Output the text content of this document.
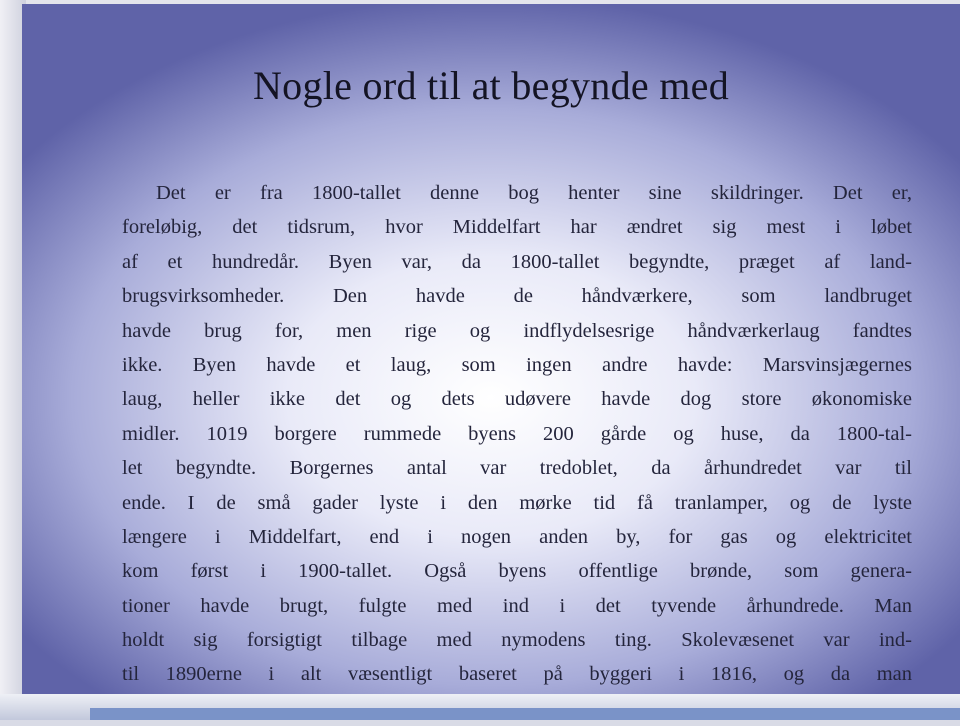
Nogle ord til at begynde med
Det er fra 1800-tallet denne bog henter sine skildringer. Det er,
foreløbig, det tidsrum, hvor Middelfart har ændret sig mest i løbet
af et hundredår. Byen var, da 1800-tallet begyndte, præget af land-
brugsvirksomheder. Den havde de håndværkere, som landbruget
havde brug for, men rige og indflydelsesrige håndværkerlaug fandtes
ikke. Byen havde et laug, som ingen andre havde: Marsvinsjægernes
laug, heller ikke det og dets udøvere havde dog store økonomiske
midler. 1019 borgere rummede byens 200 gårde og huse, da 1800-tal-
let begyndte. Borgernes antal var tredoblet, da århundredet var til
ende. I de små gader lyste i den mørke tid få tranlamper, og de lyste
længere i Middelfart, end i nogen anden by, for gas og elektricitet
kom først i 1900-tallet. Også byens offentlige brønde, som genera-
tioner havde brugt, fulgte med ind i det tyvende århundrede. Man
holdt sig forsigtigt tilbage med nymodens ting. Skolevæsenet var ind-
til 1890erne i alt væsentligt baseret på byggeri i 1816, og da man
